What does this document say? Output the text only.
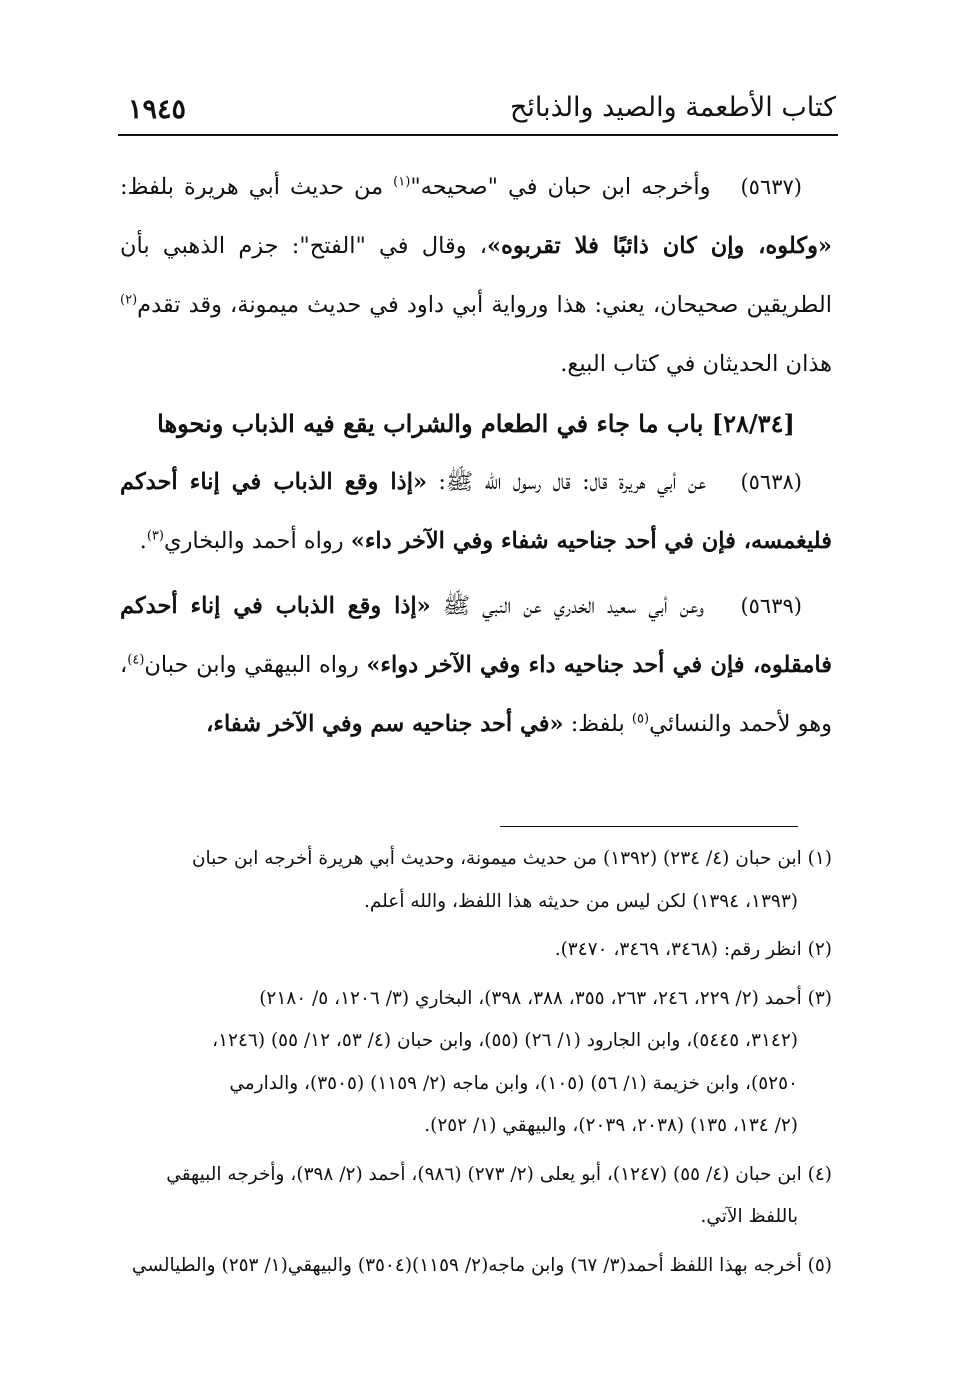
كتاب الأطعمة والصيد والذبائح
١٩٤٥

(٥٦٣٧)   وأخرجه ابن حبان في "صحيحه"$^{(١)}$ من حديث أبي هريرة بلفظ: «وكلوه، وإن كان ذائبًا فلا تقربوه»، وقال في "الفتح": جزم الذهبي بأن الطريقين صحيحان، يعني: هذا ورواية أبي داود في حديث ميمونة، وقد تقدم$^{(٢)}$ هذان الحديثان في كتاب البيع.

[٢٨/٣٤] باب ما جاء في الطعام والشراب يقع فيه الذباب ونحوها

(٥٦٣٨)   عن أبي هريرة قال: قال رسول الله ﷺ: «إذا وقع الذباب في إناء أحدكم فليغمسه، فإن في أحد جناحيه شفاء وفي الآخر داء» رواه أحمد والبخاري$^{(٣)}$.

(٥٦٣٩)   وعن أبي سعيد الخدري عن النبي ﷺ «إذا وقع الذباب في إناء أحدكم فامقلوه، فإن في أحد جناحيه داء وفي الآخر دواء» رواه البيهقي وابن حبان$^{(٤)}$، وهو لأحمد والنسائي$^{(٥)}$ بلفظ: «في أحد جناحيه سم وفي الآخر شفاء،

(١) ابن حبان (٤/ ٢٣٤) (١٣٩٢) من حديث ميمونة، وحديث أبي هريرة أخرجه ابن حبان
(١٣٩٣، ١٣٩٤) لكن ليس من حديثه هذا اللفظ، والله أعلم.

(٢) انظر رقم: (٣٤٦٨، ٣٤٦٩، ٣٤٧٠).

(٣) أحمد (٢/ ٢٢٩، ٢٤٦، ٢٦٣، ٣٥٥، ٣٨٨، ٣٩٨)، البخاري (٣/ ١٢٠٦، ٥/ ٢١٨٠)
(٣١٤٢، ٥٤٤٥)، وابن الجارود (١/ ٢٦) (٥٥)، وابن حبان (٤/ ٥٣، ١٢/ ٥٥) (١٢٤٦،
٥٢٥٠)، وابن خزيمة (١/ ٥٦) (١٠٥)، وابن ماجه (٢/ ١١٥٩) (٣٥٠٥)، والدارمي
(٢/ ١٣٤، ١٣٥) (٢٠٣٨، ٢٠٣٩)، والبيهقي (١/ ٢٥٢).

(٤) ابن حبان (٤/ ٥٥) (١٢٤٧)، أبو يعلى (٢/ ٢٧٣) (٩٨٦)، أحمد (٢/ ٣٩٨)، وأخرجه البيهقي
باللفظ الآتي.

(٥) أخرجه بهذا اللفظ أحمد(٣/ ٦٧) وابن ماجه(٢/ ١١٥٩)(٣٥٠٤) والبيهقي(١/ ٢٥٣) والطيالسي
